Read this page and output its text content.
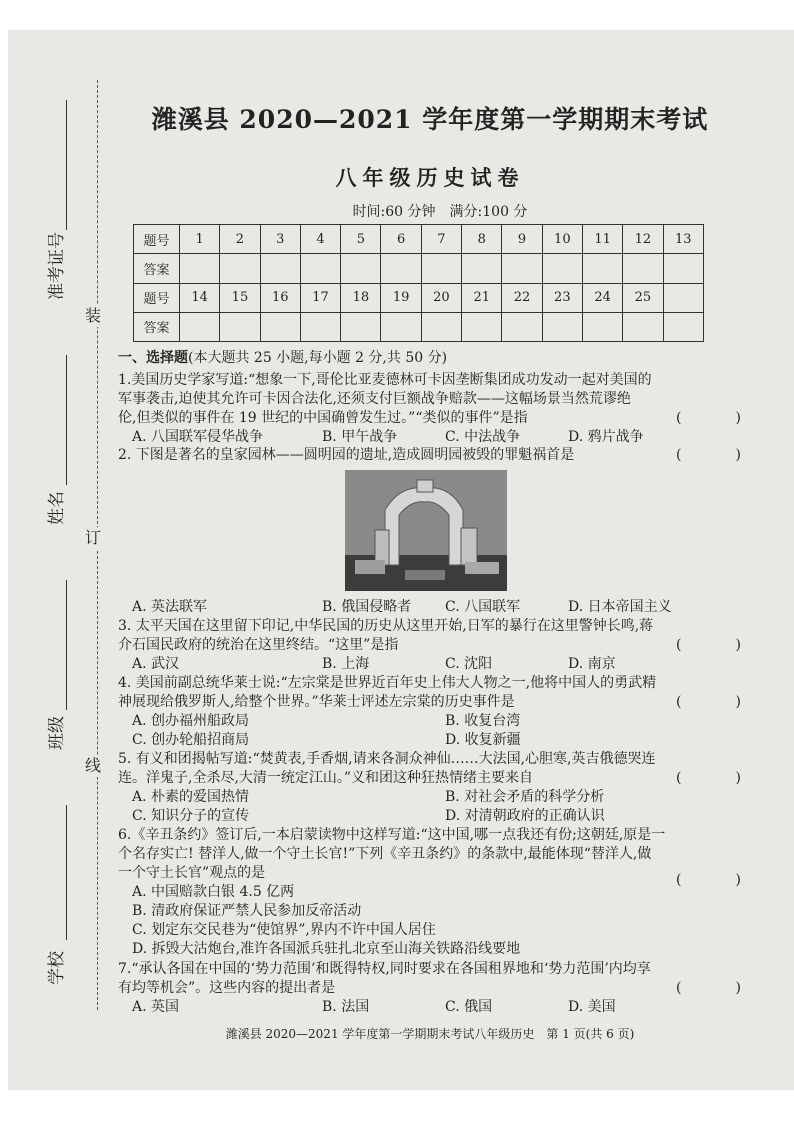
装
订
线
准考证号
姓名
班级
学校
潍溪县 2020—2021 学年度第一学期期末考试
八年级历史试卷
时间:60 分钟　满分:100 分
题号	1	2	3	4	5	6	7	8	9	10	11	12	13
答案													
题号	14	15	16	17	18	19	20	21	22	23	24	25	
答案													
一、选择题(本大题共 25 小题,每小题 2 分,共 50 分)
1.美国历史学家写道:“想象一下,哥伦比亚麦德林可卡因垄断集团成功发动一起对美国的
军事袭击,迫使其允许可卡因合法化,还须支付巨额战争赔款——这幅场景当然荒谬绝
伦,但类似的事件在 19 世纪的中国确曾发生过。”“类似的事件”是指	(　)
A. 八国联军侵华战争	B. 甲午战争	C. 中法战争	D. 鸦片战争
2. 下图是著名的皇家园林——圆明园的遗址,造成圆明园被毁的罪魁祸首是	(　)
A. 英法联军	B. 俄国侵略者 C. 八国联军	D. 日本帝国主义
3. 太平天国在这里留下印记,中华民国的历史从这里开始,日军的暴行在这里警钟长鸣,蒋
介石国民政府的统治在这里终结。“这里”是指	(　)
A. 武汉	B. 上海	C. 沈阳	D. 南京
4. 美国前副总统华莱士说:“左宗棠是世界近百年史上伟大人物之一,他将中国人的勇武精
神展现给俄罗斯人,给整个世界。”华莱士评述左宗棠的历史事件是	(　)
A. 创办福州船政局	B. 收复台湾
C. 创办轮船招商局	D. 收复新疆
5. 有义和团揭帖写道:“焚黄表,手香烟,请来各洞众神仙……大法国,心胆寒,英吉俄德哭连
连。洋鬼子,全杀尽,大清一统定江山。”义和团这种狂热情绪主要来自	(　)
A. 朴素的爱国热情	B. 对社会矛盾的科学分析
C. 知识分子的宣传	D. 对清朝政府的正确认识
6.《辛丑条约》签订后,一本启蒙读物中这样写道:“这中国,哪一点我还有份;这朝廷,原是一
个名存实亡! 替洋人,做一个守土长官!”下列《辛丑条约》的条款中,最能体现“替洋人,做
一个守土长官”观点的是	(　)
A. 中国赔款白银 4.5 亿两
B. 清政府保证严禁人民参加反帝活动
C. 划定东交民巷为“使馆界”,界内不许中国人居住
D. 拆毁大沽炮台,准许各国派兵驻扎北京至山海关铁路沿线要地
7.“承认各国在中国的‘势力范围’和既得特权,同时要求在各国租界地和‘势力范围’内均享
有均等机会”。这些内容的提出者是	(　)
A. 英国	B. 法国	C. 俄国	D. 美国
潍溪县 2020—2021 学年度第一学期期末考试八年级历史　第 1 页(共 6 页)
